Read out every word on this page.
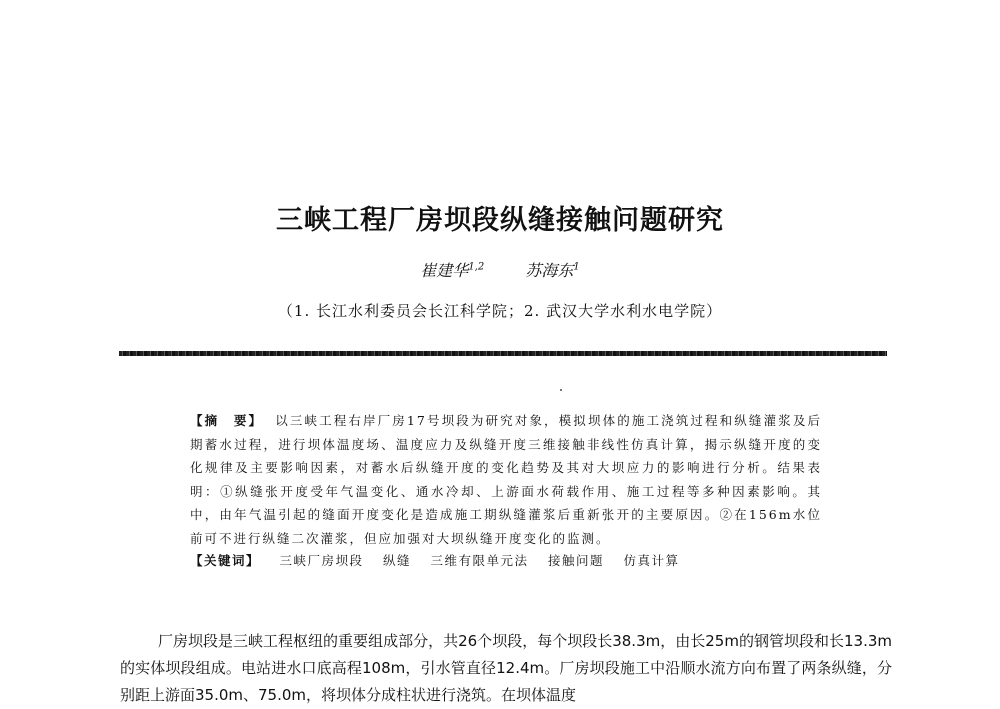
三峡工程厂房坝段纵缝接触问题研究
崔建华$^{1,2}$	苏海东$^1$
（1. 长江水利委员会长江科学院；2. 武汉大学水利水电学院）
【摘　要】 以三峡工程右岸厂房17号坝段为研究对象，模拟坝体的施工浇筑过程和纵缝灌浆及后期蓄水过程，进行坝体温度场、温度应力及纵缝开度三维接触非线性仿真计算，揭示纵缝开度的变化规律及主要影响因素，对蓄水后纵缝开度的变化趋势及其对大坝应力的影响进行分析。结果表明：①纵缝张开度受年气温变化、通水冷却、上游面水荷载作用、施工过程等多种因素影响。其中，由年气温引起的缝面开度变化是造成施工期纵缝灌浆后重新张开的主要原因。②在156m水位前可不进行纵缝二次灌浆，但应加强对大坝纵缝开度变化的监测。
【关键词】 三峡厂房坝段 纵缝 三维有限单元法 接触问题 仿真计算
厂房坝段是三峡工程枢纽的重要组成部分，共26个坝段，每个坝段长38.3m，由长25m的钢管坝段和长13.3m的实体坝段组成。电站进水口底高程108m，引水管直径12.4m。厂房坝段施工中沿顺水流方向布置了两条纵缝，分别距上游面35.0m、75.0m，将坝体分成柱状进行浇筑。在坝体温度
